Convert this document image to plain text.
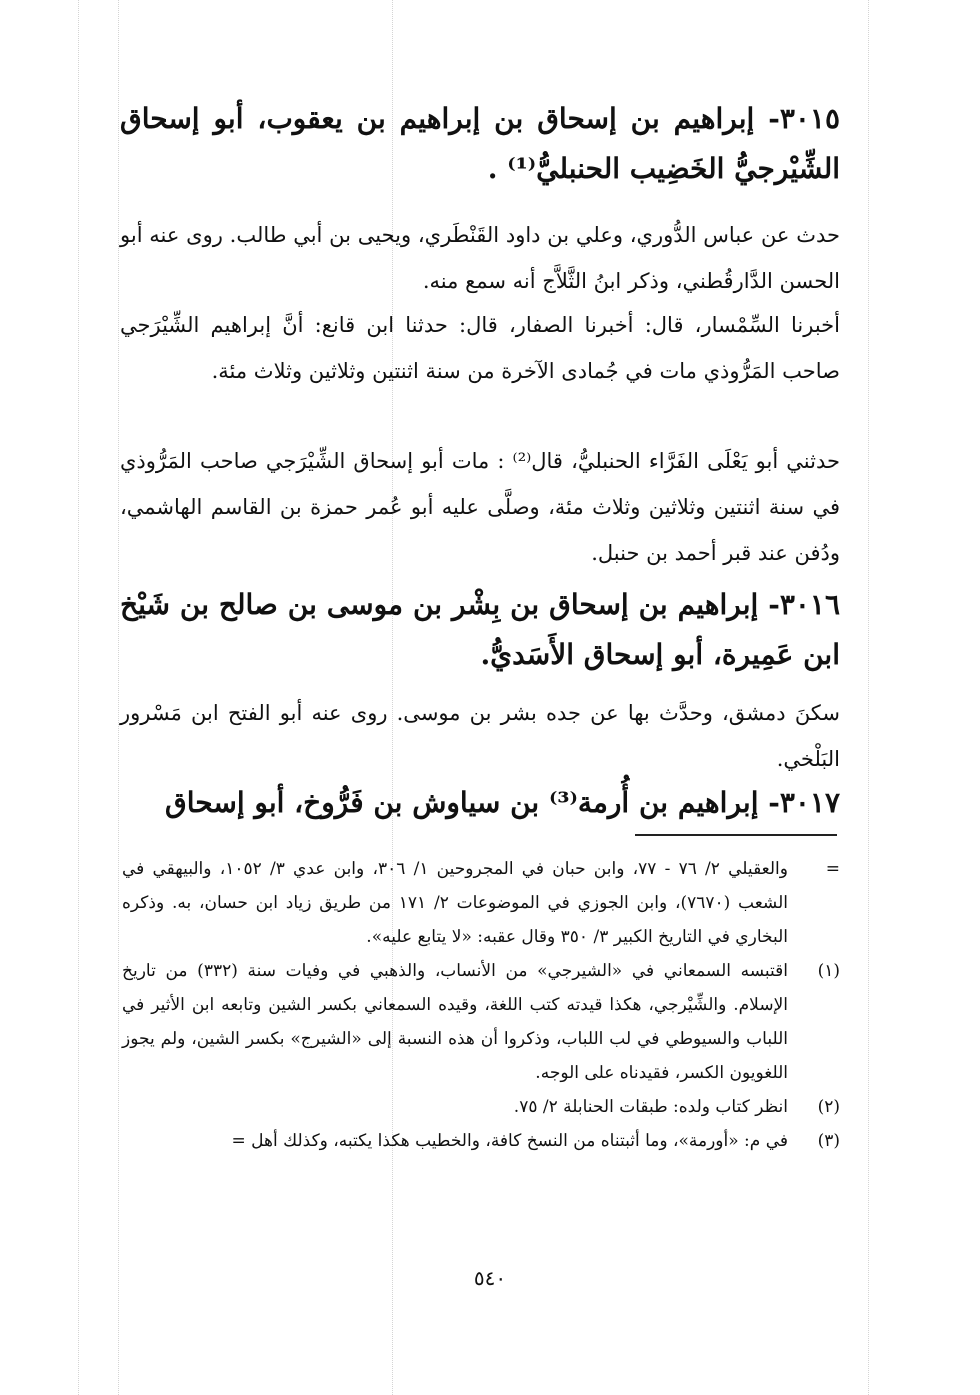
٣٠١٥- إبراهيم بن إسحاق بن إبراهيم بن يعقوب، أبو إسحاق الشِّيْرجيُّ الخَضِيب الحنبليُّ⁽¹⁾ .
حدث عن عباس الدُّوري، وعلي بن داود القَنْطَري، ويحيى بن أبي طالب. روى عنه أبو الحسن الدَّارقُطني، وذكر ابنُ الثَّلاَّج أنه سمع منه.
أخبرنا السِّمْسار، قال: أخبرنا الصفار، قال: حدثنا ابن قانع: أنَّ إبراهيم الشِّيْرَجي صاحب المَرُّوذي مات في جُمادى الآخرة من سنة اثنتين وثلاثين وثلاث مئة.
حدثني أبو يَعْلَى الفَرَّاء الحنبليُّ، قال⁽²⁾ : مات أبو إسحاق الشِّيْرَجي صاحب المَرُّوذي في سنة اثنتين وثلاثين وثلاث مئة، وصلَّى عليه أبو عُمر حمزة بن القاسم الهاشمي، ودُفن عند قبر أحمد بن حنبل.
٣٠١٦- إبراهيم بن إسحاق بن بِشْر بن موسى بن صالح بن شَيْخ ابن عَمِيرة، أبو إسحاق الأَسَديُّ.
سكنَ دمشق، وحدَّث بها عن جده بشر بن موسى. روى عنه أبو الفتح ابن مَسْرور البَلْخي.
٣٠١٧- إبراهيم بن أُرمة⁽³⁾ بن سياوش بن فَرُّوخ، أبو إسحاق
=
والعقيلي ٢/ ٧٦ - ٧٧، وابن حبان في المجروحين ١/ ٣٠٦، وابن عدي ٣/ ١٠٥٢، والبيهقي في الشعب (٧٦٧٠)، وابن الجوزي في الموضوعات ٢/ ١٧١ من طريق زياد ابن حسان، به. وذكره البخاري في التاريخ الكبير ٣/ ٣٥٠ وقال عقبه: «لا يتابع عليه».
(١)
اقتبسه السمعاني في «الشيرجي» من الأنساب، والذهبي في وفيات سنة (٣٣٢) من تاريخ الإسلام. والشِّيْرجي، هكذا قيدته كتب اللغة، وقيده السمعاني بكسر الشين وتابعه ابن الأثير في اللباب والسيوطي في لب اللباب، وذكروا أن هذه النسبة إلى «الشيرج» بكسر الشين، ولم يجوز اللغويون الكسر، فقيدناه على الوجه.
(٢)
انظر كتاب ولده: طبقات الحنابلة ٢/ ٧٥.
(٣)
في م: «أورمة»، وما أثبتناه من النسخ كافة، والخطيب هكذا يكتبه، وكذلك أهل =
٥٤٠
